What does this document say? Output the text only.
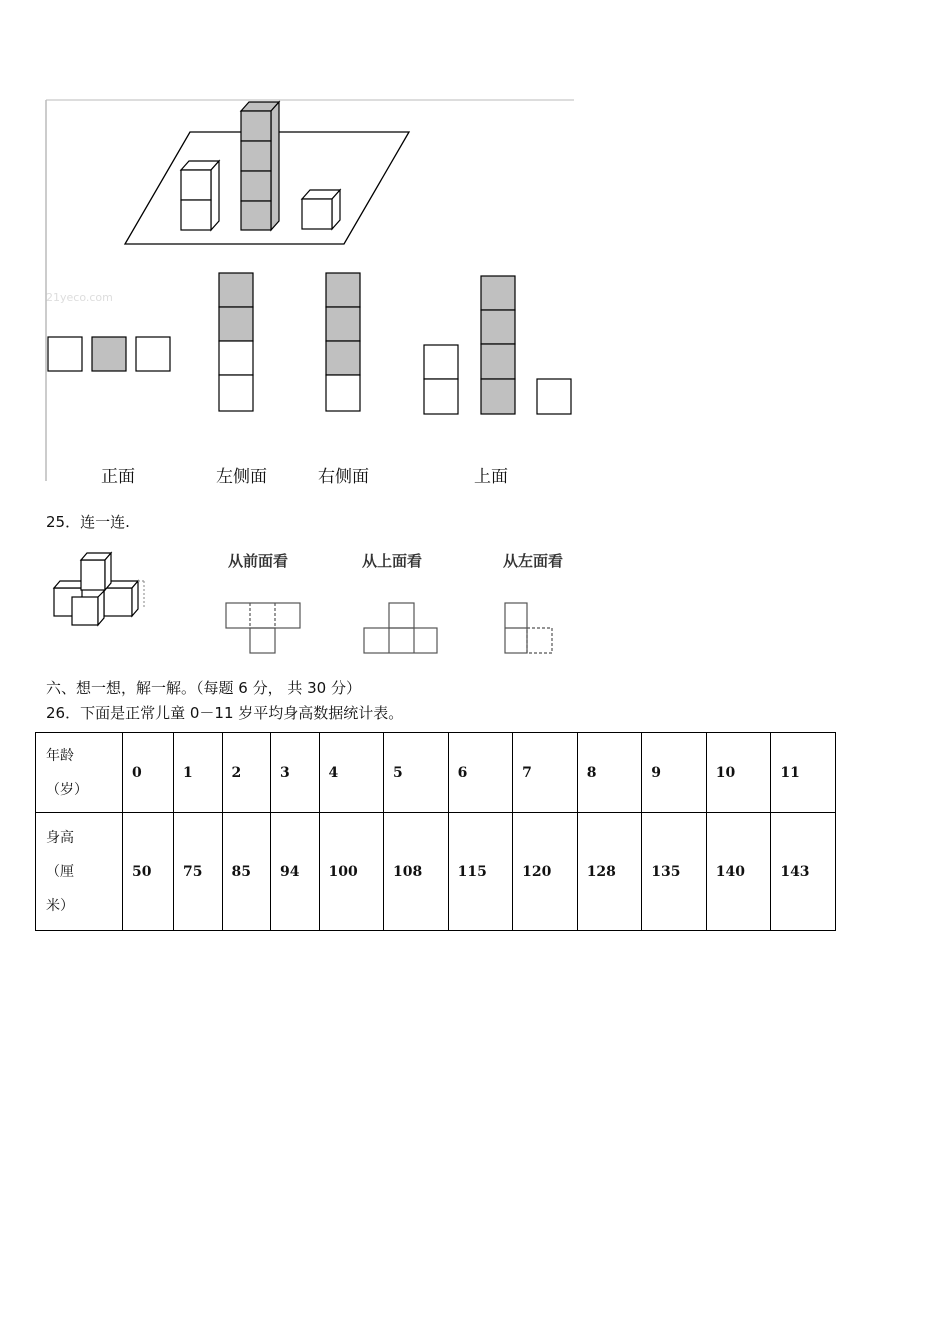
21yeco.com
正面	左侧面	右侧面	上面
25．连一连.
从前面看	从上面看	从左面看
六、想一想，解一解。（每题 6 分， 共 30 分）
26．下面是正常儿童 0－11 岁平均身高数据统计表。
年龄
（岁）	0	1	2	3	4	5	6	7	8	9	10	11

身高
（厘
米）	50	75	85	94	100	108	115	120	128	135	140	143
